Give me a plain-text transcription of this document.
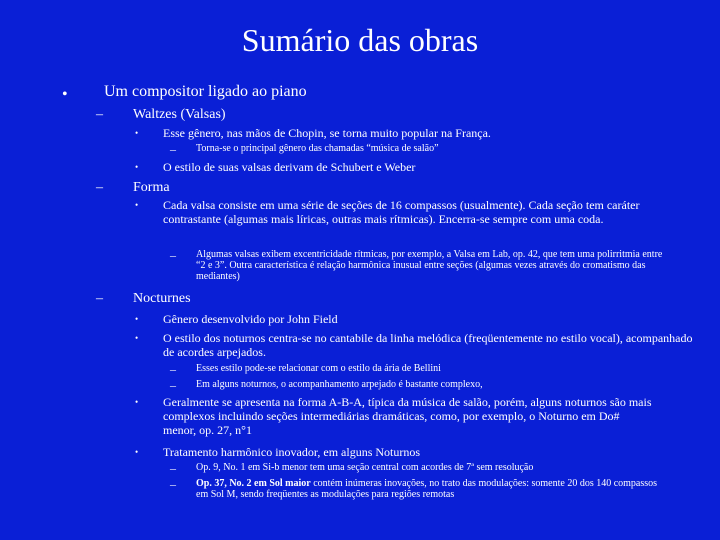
Sumário das obras
• Um compositor ligado ao piano
– Waltzes (Valsas)
• Esse gênero, nas mãos de Chopin, se torna muito popular na França.
– Torna-se o principal gênero das chamadas “música de salão”
• O estilo de suas valsas derivam de Schubert e Weber
– Forma
• Cada valsa consiste em uma série de seções de 16 compassos (usualmente). Cada seção tem caráter contrastante (algumas mais líricas, outras mais rítmicas). Encerra-se sempre com uma coda.
– Algumas valsas exibem excentricidade rítmicas, por exemplo, a Valsa em Lab, op. 42, que tem uma polirritmia entre “2 e 3”. Outra característica é relação harmônica inusual entre seções (algumas vezes através do cromatismo das mediantes)
– Nocturnes
• Gênero desenvolvido por John Field
• O estilo dos noturnos centra-se no cantabile da linha melódica (freqüentemente no estilo vocal), acompanhado de acordes arpejados.
– Esses estilo pode-se relacionar com o estilo da ária de Bellini
– Em alguns noturnos, o acompanhamento arpejado é bastante complexo,
• Geralmente se apresenta na forma A-B-A, típica da música de salão, porém, alguns noturnos são mais complexos incluindo seções intermediárias dramáticas, como, por exemplo, o Noturno em Do# menor, op. 27, n°1
• Tratamento harmônico inovador, em alguns Noturnos
– Op. 9, No. 1 em Si-b menor tem uma seção central com acordes de 7ª sem resolução
– Op. 37, No. 2 em Sol maior contém inúmeras inovações, no trato das modulações: somente 20 dos 140 compassos em Sol M, sendo freqüentes as modulações para regiões remotas
